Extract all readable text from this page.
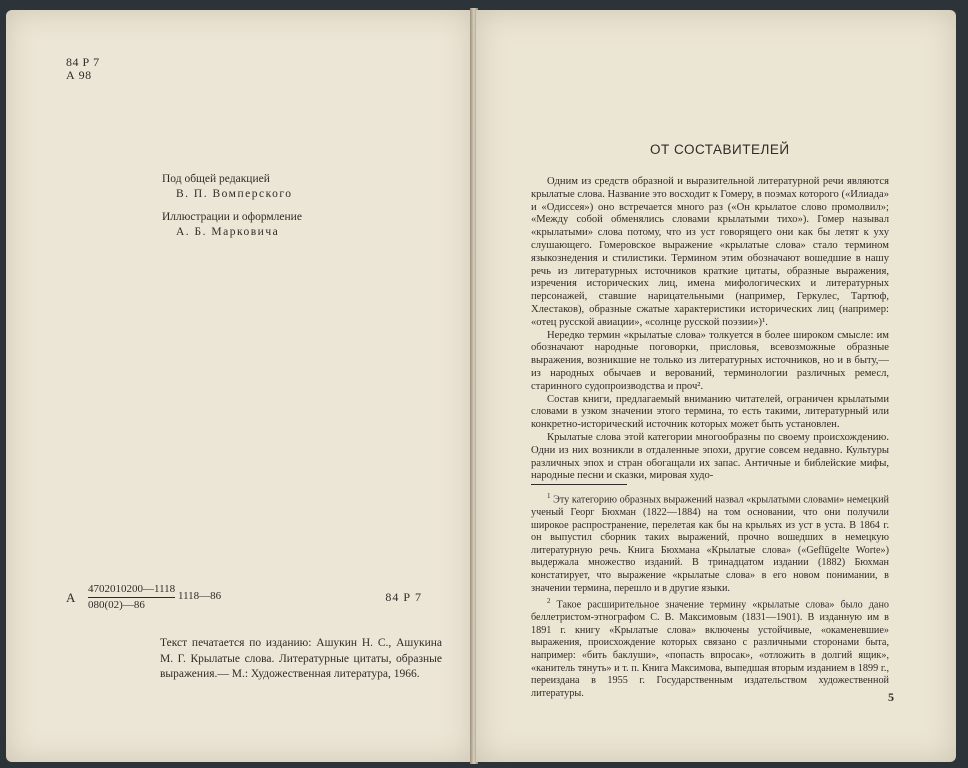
84 Р 7
А 98
Под общей редакцией
В. П. Вомперского
Иллюстрации и оформление
А. Б. Марковича
А $\frac{4702010200—1118}{080(02)—86}$ 1118—86	84 Р 7
Текст печатается по изданию: Ашукин Н. С., Ашукина М. Г. Крылатые слова. Литературные цитаты, образные выражения.— М.: Художественная литература, 1966.
ОТ СОСТАВИТЕЛЕЙ

Одним из средств образной и выразительной литературной речи являются крылатые слова. Название это восходит к Гомеру, в поэмах которого («Илиада» и «Одиссея») оно встречается много раз («Он крылатое слово промолвил»; «Между собой обменялись словами крылатыми тихо»). Гомер называл «крылатыми» слова потому, что из уст говорящего они как бы летят к уху слушающего. Гомеровское выражение «крылатые слова» стало термином языкознедения и стилистики. Термином этим обозначают вошедшие в нашу речь из литературных источников краткие цитаты, образные выражения, изречения исторических лиц, имена мифологических и литературных персонажей, ставшие нарицательными (например, Геркулес, Тартюф, Хлестаков), образные сжатые характеристики исторических лиц (например: «отец русской авиации», «солнце русской поэзии»)¹.

Нередко термин «крылатые слова» толкуется в более широком смысле: им обозначают народные поговорки, присловья, всевозможные образные выражения, возникшие не только из литературных источников, но и в быту,— из народных обычаев и верований, терминологии различных ремесл, старинного судопроизводства и проч².

Состав книги, предлагаемый вниманию читателей, ограничен крылатыми словами в узком значении этого термина, то есть такими, литературный или конкретно-исторический источник которых может быть установлен.

Крылатые слова этой категории многообразны по своему происхождению. Одни из них возникли в отдаленные эпохи, другие совсем недавно. Культуры различных эпох и стран обогащали их запас. Античные и библейские мифы, народные песни и сказки, мировая худо-

$^1$ Эту категорию образных выражений назвал «крылатыми словами» немецкий ученый Георг Бюхман (1822—1884) на том основании, что они получили широкое распространение, перелетая как бы на крыльях из уст в уста. В 1864 г. он выпустил сборник таких выражений, прочно вошедших в немецкую литературную речь. Книга Бюхмана «Крылатые слова» («Geflügelte Worte») выдержала множество изданий. В тринадцатом издании (1882) Бюхман констатирует, что выражение «крылатые слова» в его новом понимании, в значении термина, перешло и в другие языки.

$^2$ Такое расширительное значение термину «крылатые слова» было дано беллетристом-этнографом С. В. Максимовым (1831—1901). В изданную им в 1891 г. книгу «Крылатые слова» включены устойчивые, «окаменевшие» выражения, происхождение которых связано с различными сторонами быта, например: «бить баклуши», «попасть впросак», «отложить в долгий ящик», «канитель тянуть» и т. п. Книга Максимова, выпедшая вторым изданием в 1899 г., переиздана в 1955 г. Государственным издательством художественной литературы.	5
